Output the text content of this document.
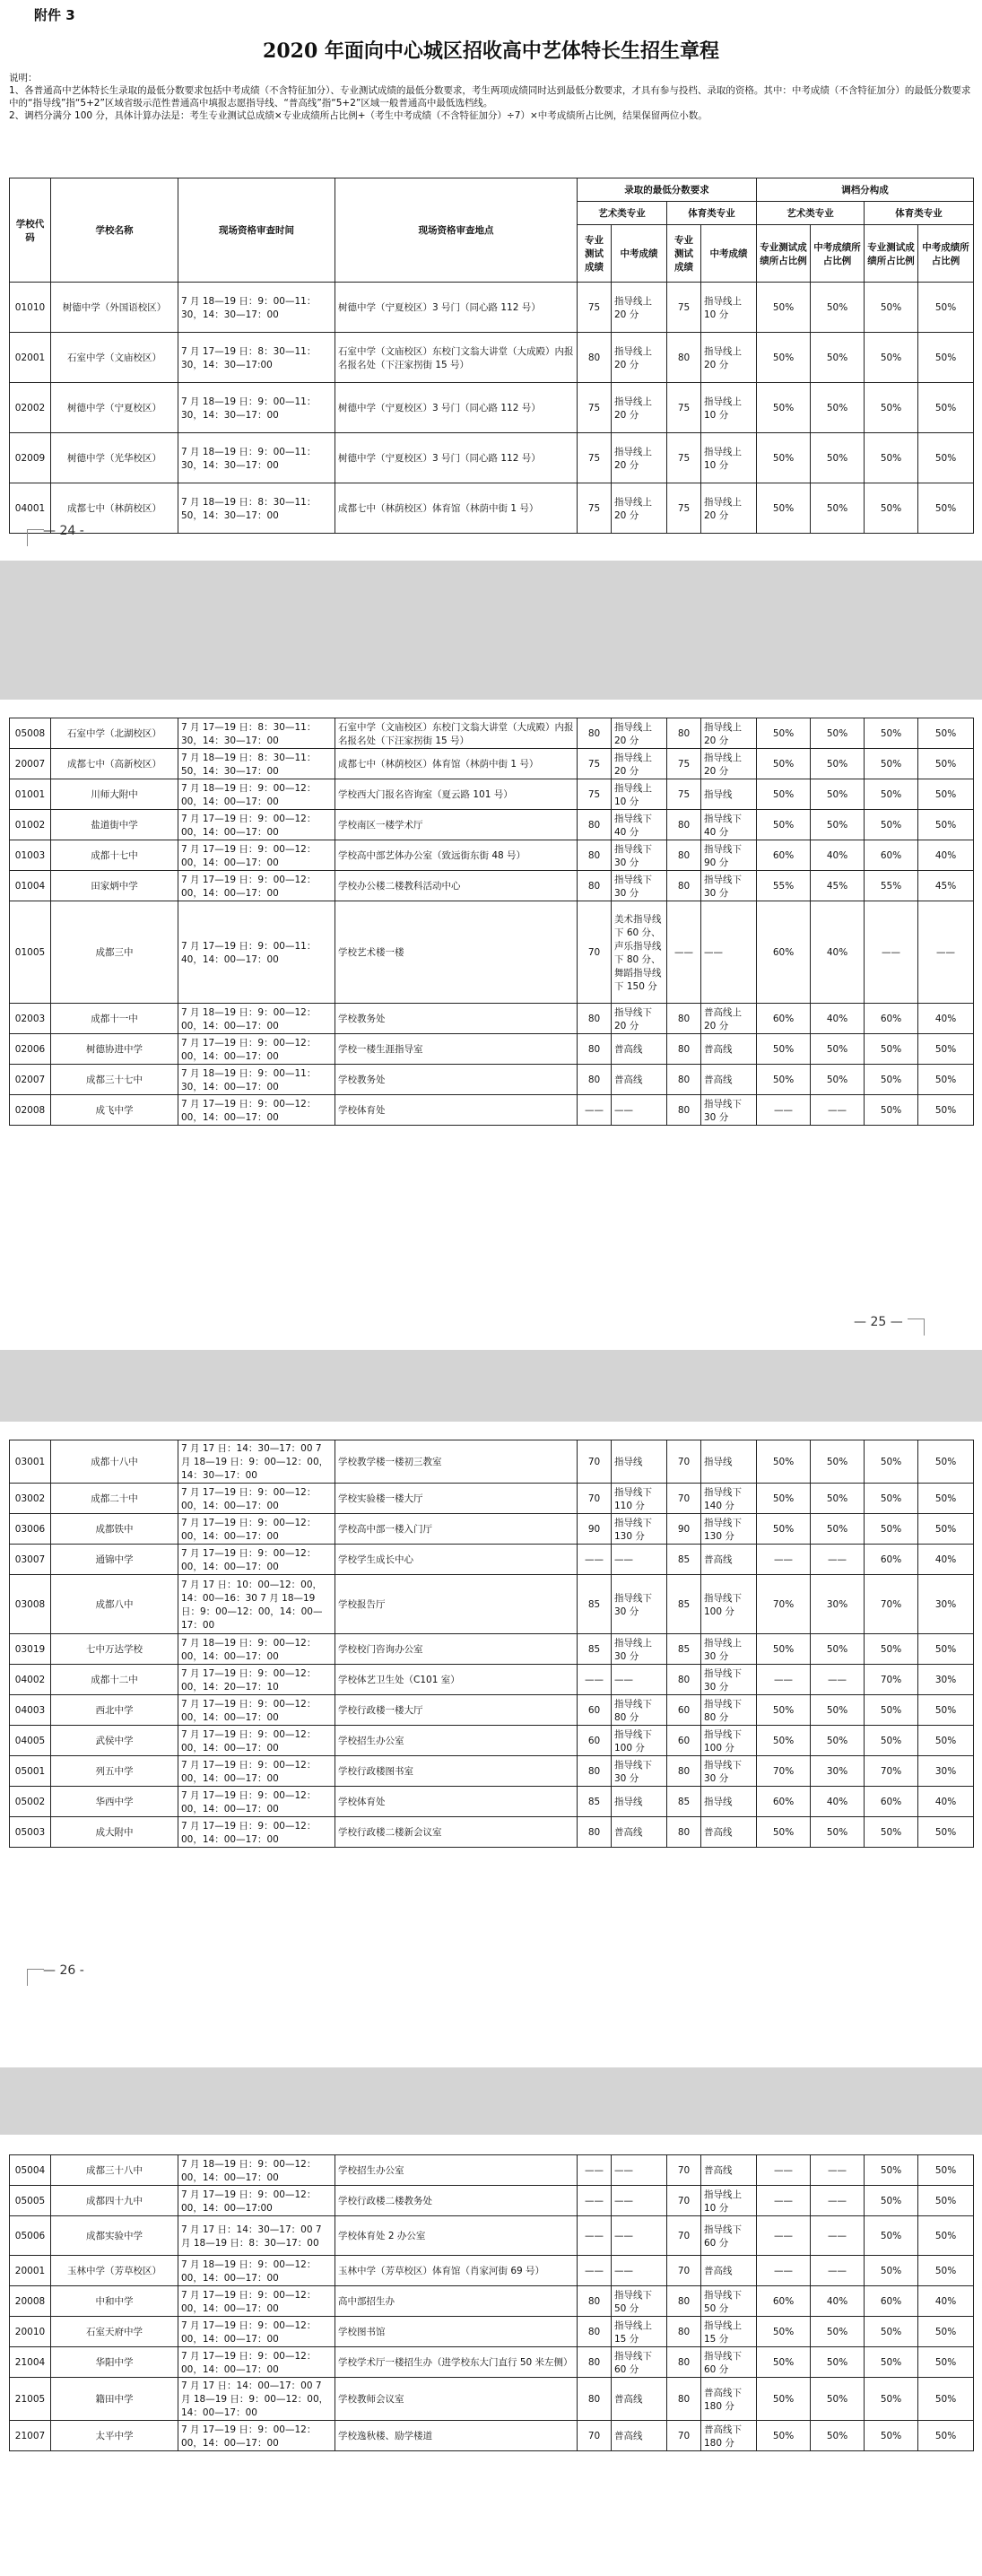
附件 3
2020 年面向中心城区招收高中艺体特长生招生章程

说明：

1、各普通高中艺体特长生录取的最低分数要求包括中考成绩（不含特征加分）、专业测试成绩的最低分数要求，考生两项成绩同时达到最低分数要求，才具有参与投档、录取的资格。其中：中考成绩（不含特征加分）的最低分数要求中的“指导线”指“5+2”区域省级示范性普通高中填报志愿指导线、“普高线”指“5+2”区域一般普通高中最低选档线。

2、调档分满分 100 分，具体计算办法是：考生专业测试总成绩×专业成绩所占比例+（考生中考成绩（不含特征加分）÷7）×中考成绩所占比例，结果保留两位小数。

学校代码	学校名称	现场资格审查时间	现场资格审查地点	录取的最低分数要求				调档分构成			
				艺术类专业		体育类专业		艺术类专业		体育类专业	
				专业测试成绩	中考成绩	专业测试成绩	中考成绩	专业测试成绩所占比例	中考成绩所占比例	专业测试成绩所占比例	中考成绩所占比例
01010	树德中学（外国语校区）	7 月 18—19 日：9：00—11：30，14：30—17：00	树德中学（宁夏校区）3 号门（同心路 112 号）	75	指导线上 20 分	75	指导线上 10 分	50%	50%	50%	50%
02001	石室中学（文庙校区）	7 月 17—19 日：8：30—11：30，14：30—17:00	石室中学（文庙校区）东校门文翁大讲堂（大成殿）内报名报名处（下汪家拐街 15 号）	80	指导线上 20 分	80	指导线上 20 分	50%	50%	50%	50%
02002	树德中学（宁夏校区）	7 月 18—19 日：9：00—11：30，14：30—17：00	树德中学（宁夏校区）3 号门（同心路 112 号）	75	指导线上 20 分	75	指导线上 10 分	50%	50%	50%	50%
02009	树德中学（光华校区）	7 月 18—19 日：9：00—11：30，14：30—17：00	树德中学（宁夏校区）3 号门（同心路 112 号）	75	指导线上 20 分	75	指导线上 10 分	50%	50%	50%	50%
04001	成都七中（林荫校区）	7 月 18—19 日：8：30—11：50，14：30—17：00	成都七中（林荫校区）体育馆（林荫中街 1 号）	75	指导线上 20 分	75	指导线上 20 分	50%	50%	50%	50%
— 24 -
05008	石室中学（北湖校区）	7 月 17—19 日：8：30—11：30，14：30—17：00	石室中学（文庙校区）东校门文翁大讲堂（大成殿）内报名报名处（下汪家拐街 15 号）	80	指导线上 20 分	80	指导线上 20 分	50%	50%	50%	50%
20007	成都七中（高新校区）	7 月 18—19 日：8：30—11：50，14：30—17：00	成都七中（林荫校区）体育馆（林荫中街 1 号）	75	指导线上 20 分	75	指导线上 20 分	50%	50%	50%	50%
01001	川师大附中	7 月 18—19 日：9：00—12：00，14：00—17：00	学校西大门报名咨询室（夏云路 101 号）	75	指导线上 10 分	75	指导线	50%	50%	50%	50%
01002	盐道街中学	7 月 17—19 日：9：00—12：00，14：00—17：00	学校南区一楼学术厅	80	指导线下 40 分	80	指导线下 40 分	50%	50%	50%	50%
01003	成都十七中	7 月 17—19 日：9：00—12：00，14：00—17：00	学校高中部艺体办公室（致远街东街 48 号）	80	指导线下 30 分	80	指导线下 90 分	60%	40%	60%	40%
01004	田家炳中学	7 月 17—19 日：9：00—12：00，14：00—17：00	学校办公楼二楼教科活动中心	80	指导线下 30 分	80	指导线下 30 分	55%	45%	55%	45%
01005	成都三中	7 月 17—19 日：9：00—11：40，14：00—17：00	学校艺术楼一楼	70	美术指导线下 60 分、声乐指导线下 80 分、舞蹈指导线下 150 分	——	——	60%	40%	——	——
02003	成都十一中	7 月 18—19 日：9：00—12：00，14：00—17：00	学校教务处	80	指导线下 20 分	80	普高线上 20 分	60%	40%	60%	40%
02006	树德协进中学	7 月 17—19 日：9：00—12：00，14：00—17：00	学校一楼生涯指导室	80	普高线	80	普高线	50%	50%	50%	50%
02007	成都三十七中	7 月 18—19 日：9：00—11：30，14：00—17：00	学校教务处	80	普高线	80	普高线	50%	50%	50%	50%
02008	成飞中学	7 月 17—19 日：9：00—12：00，14：00—17：00	学校体育处	——	——	80	指导线下 30 分	——	——	50%	50%
— 25 —
03001	成都十八中	7 月 17 日：14：30—17：00 7 月 18—19 日：9：00—12：00，14：30—17：00	学校教学楼一楼初三教室	70	指导线	70	指导线	50%	50%	50%	50%
03002	成都二十中	7 月 17—19 日：9：00—12：00，14：00—17：00	学校实验楼一楼大厅	70	指导线下 110 分	70	指导线下 140 分	50%	50%	50%	50%
03006	成都铁中	7 月 17—19 日：9：00—12：00，14：00—17：00	学校高中部一楼入门厅	90	指导线下 130 分	90	指导线下 130 分	50%	50%	50%	50%
03007	通锦中学	7 月 17—19 日：9：00—12：00，14：00—17：00	学校学生成长中心	——	——	85	普高线	——	——	60%	40%
03008	成都八中	7 月 17 日：10：00—12：00，14：00—16：30 7 月 18—19 日：9：00—12：00，14：00—17：00	学校报告厅	85	指导线下 30 分	85	指导线下 100 分	70%	30%	70%	30%
03019	七中万达学校	7 月 18—19 日：9：00—12：00，14：00—17：00	学校校门咨询办公室	85	指导线上 30 分	85	指导线上 30 分	50%	50%	50%	50%
04002	成都十二中	7 月 17—19 日：9：00—12：00，14：20—17：10	学校体艺卫生处（C101 室）	——	——	80	指导线下 30 分	——	——	70%	30%
04003	西北中学	7 月 17—19 日：9：00—12：00，14：00—17：00	学校行政楼一楼大厅	60	指导线下 80 分	60	指导线下 80 分	50%	50%	50%	50%
04005	武侯中学	7 月 17—19 日：9：00—12：00，14：00—17：00	学校招生办公室	60	指导线下 100 分	60	指导线下 100 分	50%	50%	50%	50%
05001	列五中学	7 月 17—19 日：9：00—12：00，14：00—17：00	学校行政楼图书室	80	指导线下 30 分	80	指导线下 30 分	70%	30%	70%	30%
05002	华西中学	7 月 17—19 日：9：00—12：00，14：00—17：00	学校体育处	85	指导线	85	指导线	60%	40%	60%	40%
05003	成大附中	7 月 17—19 日：9：00—12：00，14：00—17：00	学校行政楼二楼新会议室	80	普高线	80	普高线	50%	50%	50%	50%
— 26 -
05004	成都三十八中	7 月 18—19 日：9：00—12：00，14：00—17：00	学校招生办公室	——	——	70	普高线	——	——	50%	50%
05005	成都四十九中	7 月 17—19 日：9：00—12：00，14：00—17:00	学校行政楼二楼教务处	——	——	70	指导线上 10 分	——	——	50%	50%
05006	成都实验中学	7 月 17 日：14：30—17：00 7 月 18—19 日：8：30—17：00	学校体育处 2 办公室	——	——	70	指导线下 60 分	——	——	50%	50%
20001	玉林中学（芳草校区）	7 月 18—19 日：9：00—12：00，14：00—17：00	玉林中学（芳草校区）体育馆（肖家河街 69 号）	——	——	70	普高线	——	——	50%	50%
20008	中和中学	7 月 17—19 日：9：00—12：00，14：00—17：00	高中部招生办	80	指导线下 50 分	80	指导线下 50 分	60%	40%	60%	40%
20010	石室天府中学	7 月 17—19 日：9：00—12：00，14：00—17：00	学校图书馆	80	指导线上 15 分	80	指导线上 15 分	50%	50%	50%	50%
21004	华阳中学	7 月 17—19 日：9：00—12：00，14：00—17：00	学校学术厅一楼招生办（进学校东大门直行 50 米左侧）	80	指导线下 60 分	80	指导线下 60 分	50%	50%	50%	50%
21005	籍田中学	7 月 17 日：14：00—17：00 7 月 18—19 日：9：00—12：00，14：00—17：00	学校教师会议室	80	普高线	80	普高线下 180 分	50%	50%	50%	50%
21007	太平中学	7 月 17—19 日：9：00—12：00，14：00—17：00	学校逸秋楼、励学楼道	70	普高线	70	普高线下 180 分	50%	50%	50%	50%
